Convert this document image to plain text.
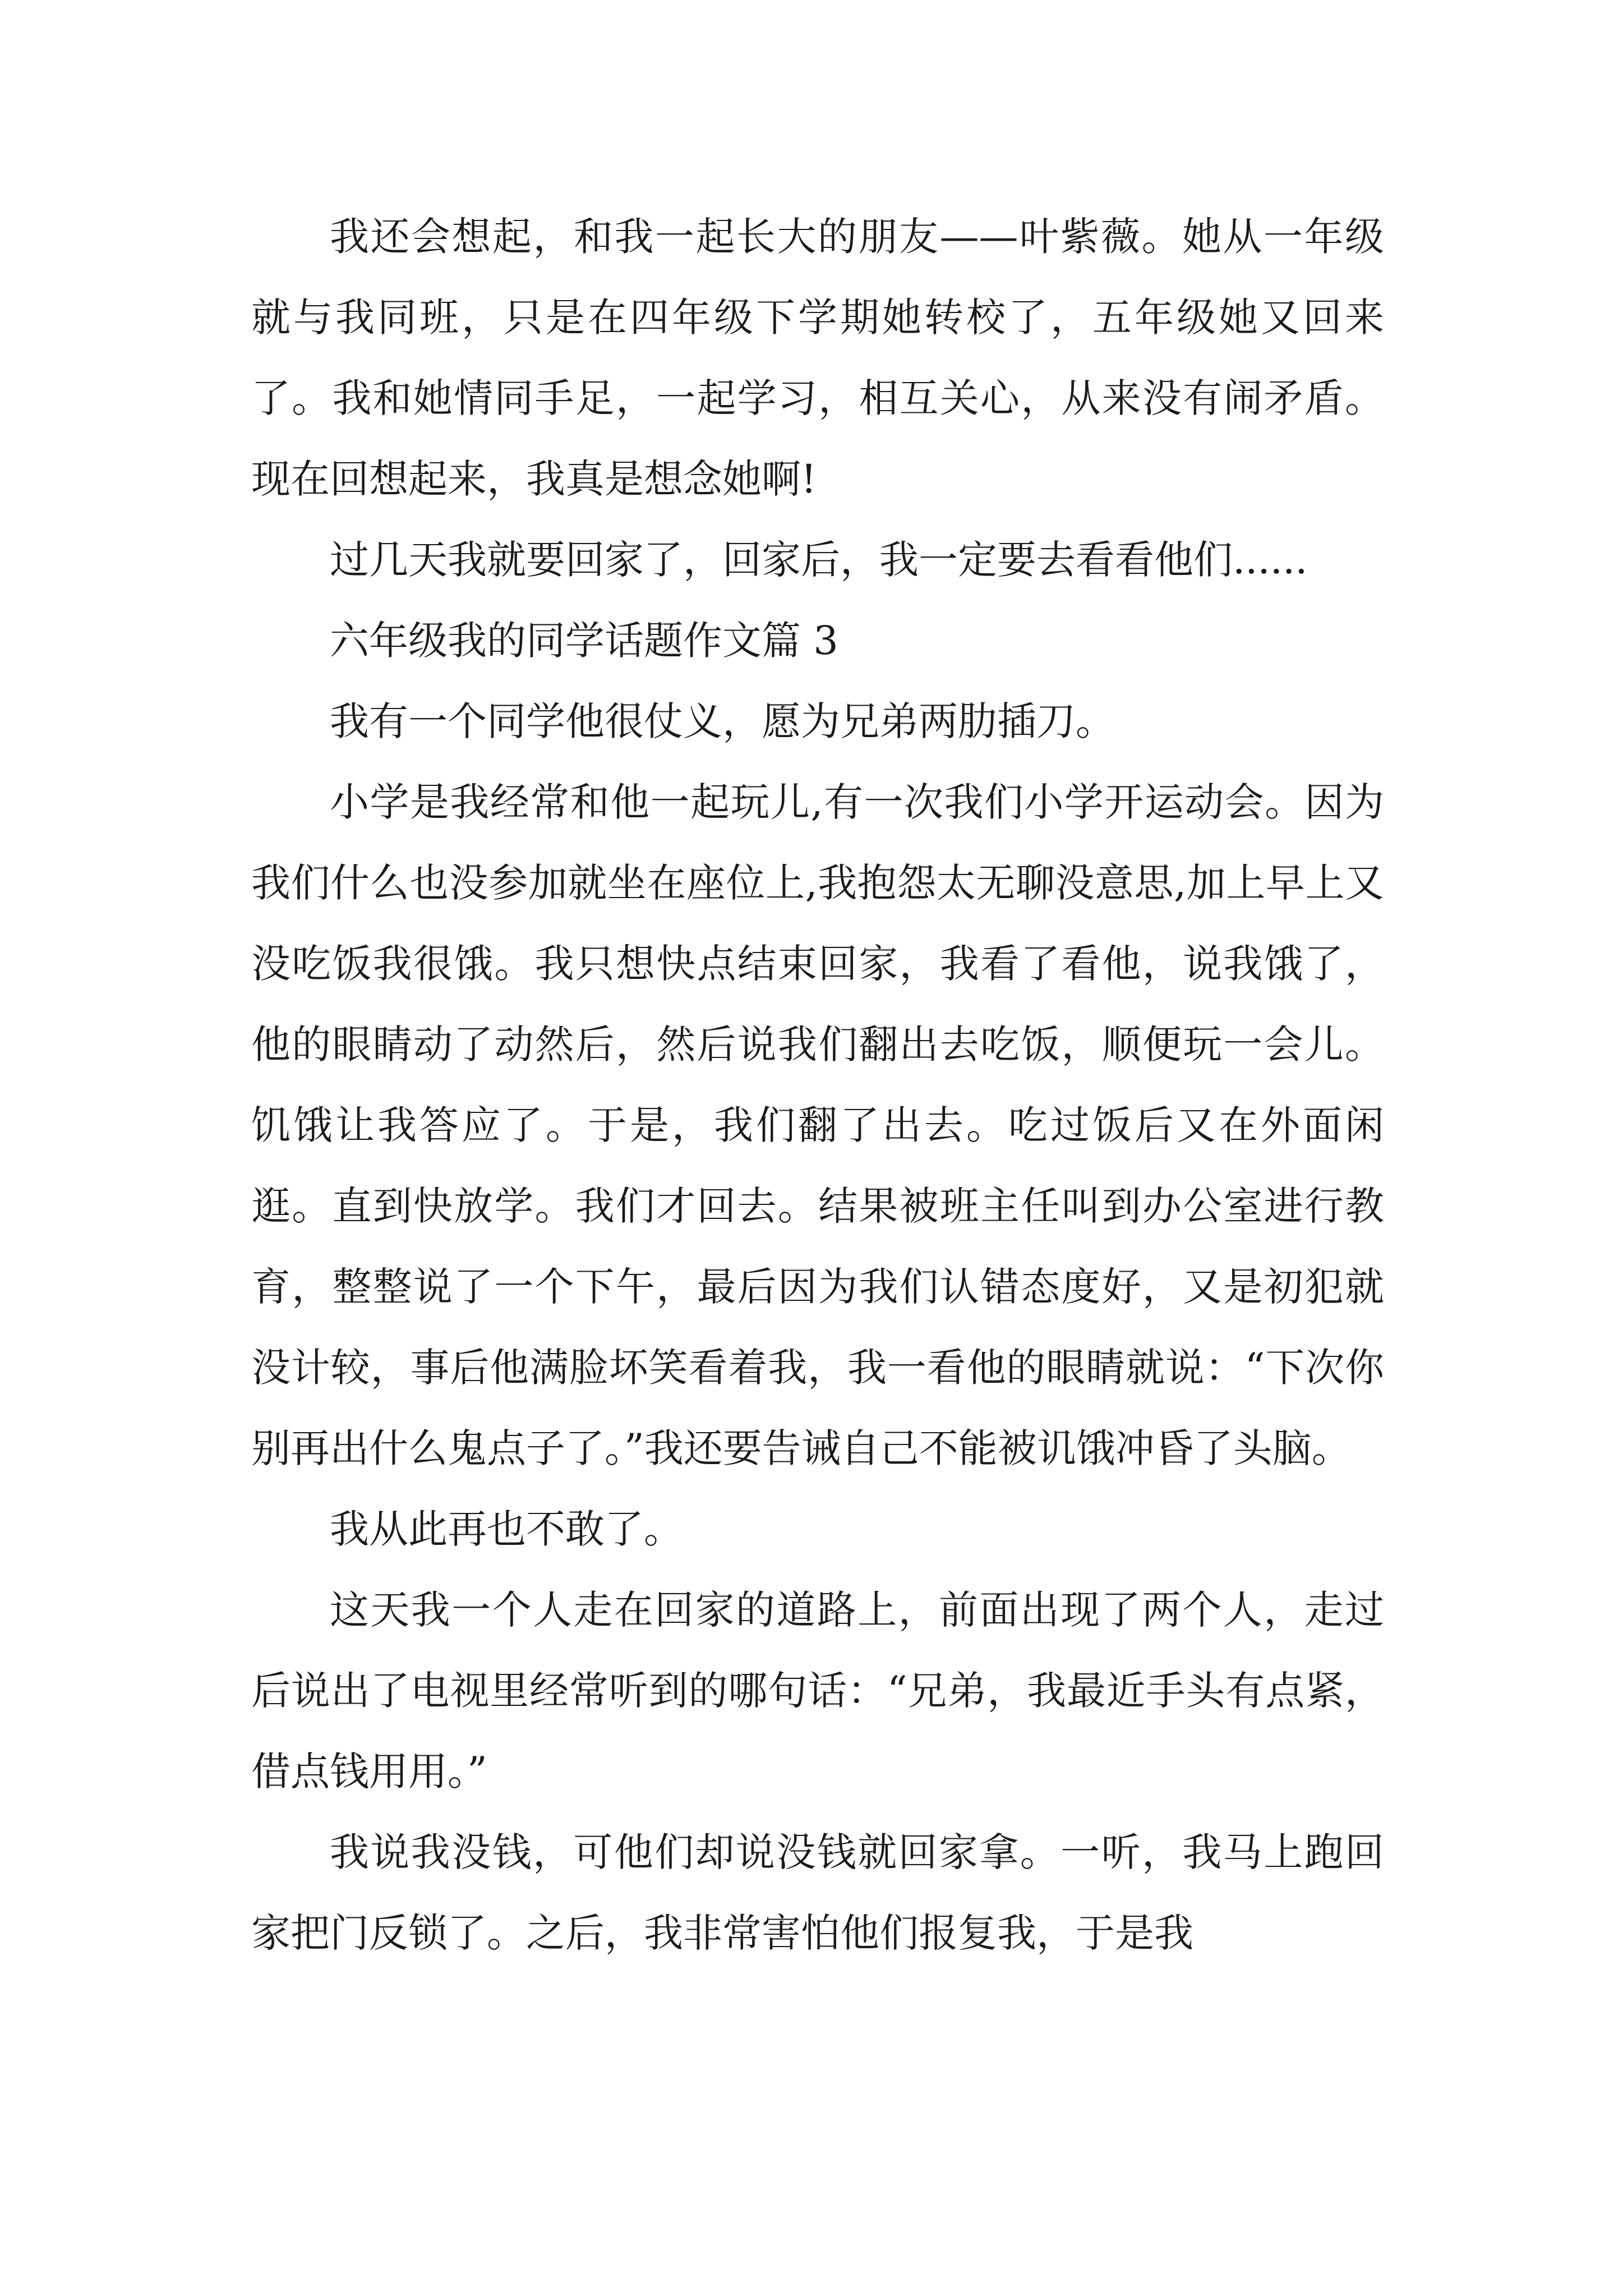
我还会想起，和我一起长大的朋友——叶紫薇。她从一年级就与我同班，只是在四年级下学期她转校了，五年级她又回来了。我和她情同手足，一起学习，相互关心，从来没有闹矛盾。现在回想起来，我真是想念她啊!

过几天我就要回家了，回家后，我一定要去看看他们......

六年级我的同学话题作文篇 3

我有一个同学他很仗义，愿为兄弟两肋插刀。

小学是我经常和他一起玩儿,有一次我们小学开运动会。因为我们什么也没参加就坐在座位上,我抱怨太无聊没意思,加上早上又没吃饭我很饿。我只想快点结束回家，我看了看他，说我饿了，他的眼睛动了动然后，然后说我们翻出去吃饭，顺便玩一会儿。饥饿让我答应了。于是，我们翻了出去。吃过饭后又在外面闲逛。直到快放学。我们才回去。结果被班主任叫到办公室进行教育，整整说了一个下午，最后因为我们认错态度好，又是初犯就没计较，事后他满脸坏笑看着我，我一看他的眼睛就说：“下次你别再出什么鬼点子了。”我还要告诫自己不能被讥饿冲昏了头脑。

我从此再也不敢了。

这天我一个人走在回家的道路上，前面出现了两个人，走过后说出了电视里经常听到的哪句话：“兄弟，我最近手头有点紧，借点钱用用。”

我说我没钱，可他们却说没钱就回家拿。一听，我马上跑回家把门反锁了。之后，我非常害怕他们报复我，于是我
